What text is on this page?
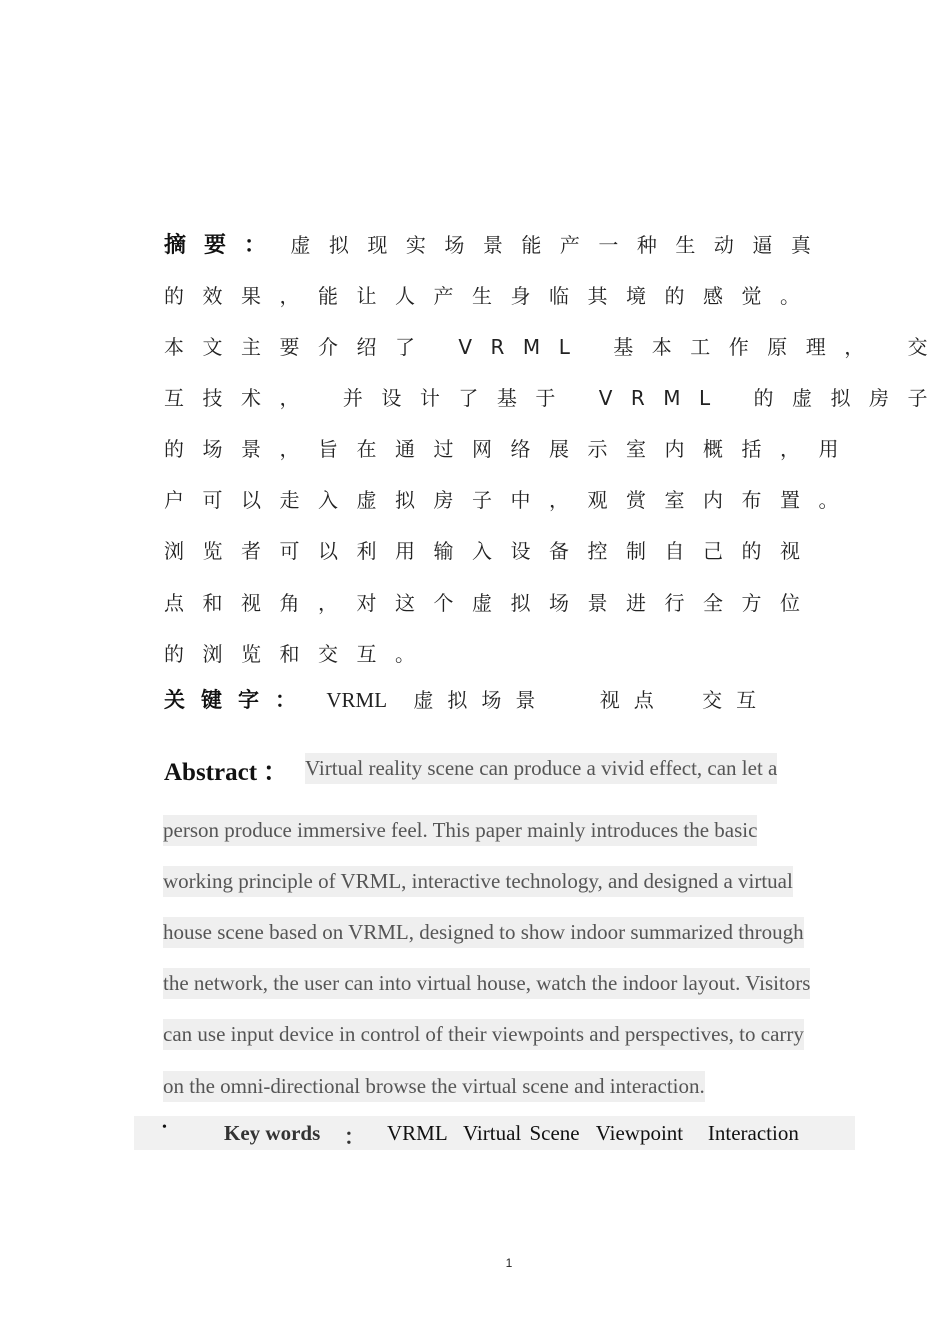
摘要： 虚拟现实场景能产一种生动逼真
的效果，能让人产生身临其境的感觉。
本文主要介绍了 VRML 基本工作原理， 交
互技术， 并设计了基于 VRML 的虚拟房子
的场景，旨在通过网络展示室内概括，用
户可以走入虚拟房子中，观赏室内布置。
浏览者可以利用输入设备控制自己的视
点和视角，对这个虚拟场景进行全方位
的浏览和交互。
关键字： VRML 虚拟场景	视点 交互
Abstract ： Virtual reality scene can produce a vivid effect, can let a
person produce immersive feel. This paper mainly introduces the basic
working principle of VRML, interactive technology, and designed a virtual
house scene based on VRML, designed to show indoor summarized through
the network, the user can into virtual house, watch the indoor layout. Visitors
can use input device in control of their viewpoints and perspectives, to carry
on the omni-directional browse the virtual scene and interaction.
•	Key words ： VRML  Virtual Scene  Viewpoint   Interaction
1
